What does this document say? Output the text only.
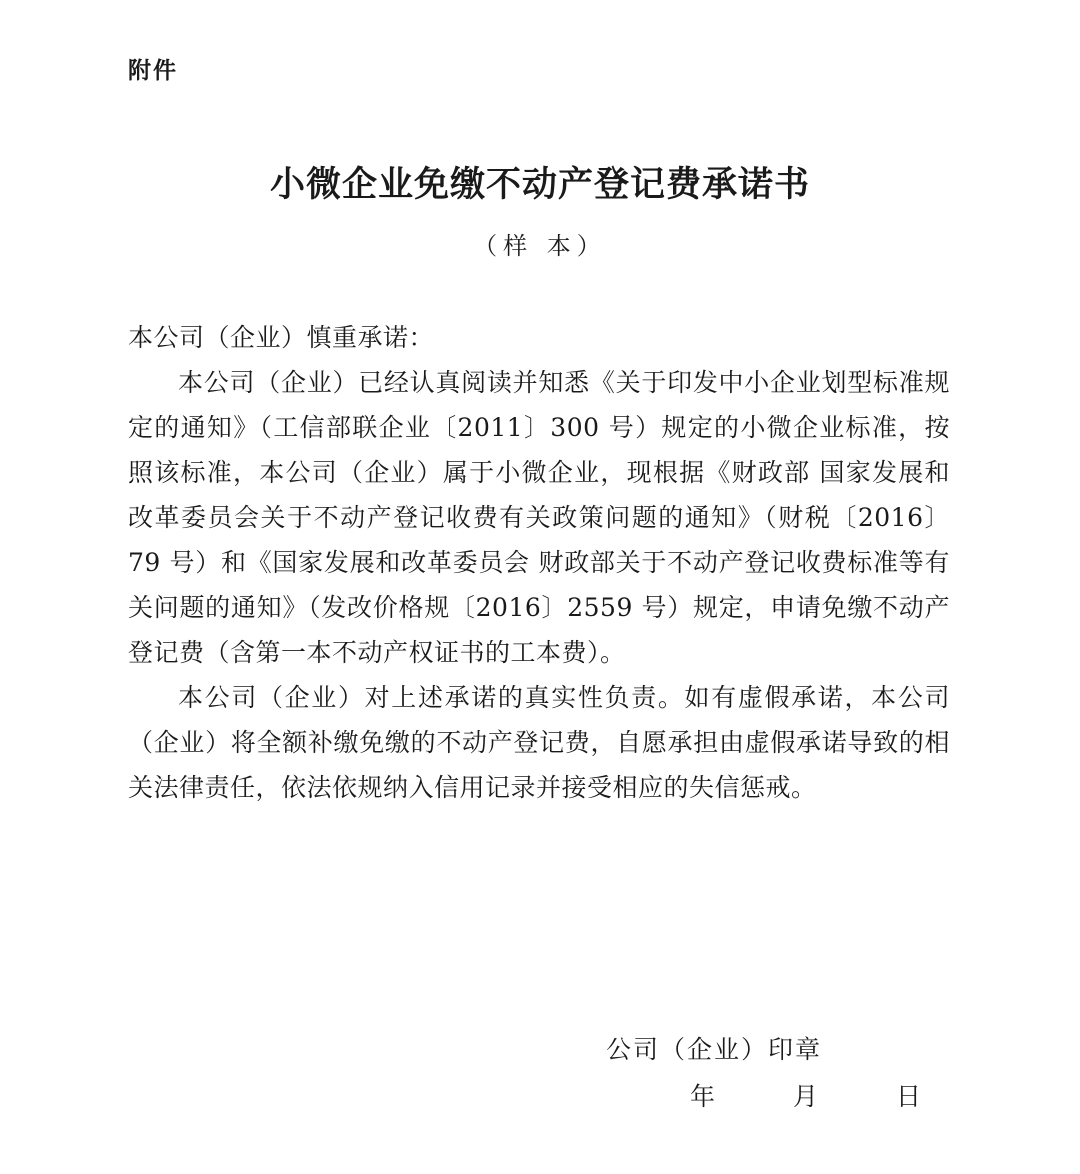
附件
小微企业免缴不动产登记费承诺书
（样 本）

本公司（企业）慎重承诺：

本公司（企业）已经认真阅读并知悉《关于印发中小企业划型标准规定的通知》（工信部联企业〔2011〕300 号）规定的小微企业标准，按照该标准，本公司（企业）属于小微企业，现根据《财政部 国家发展和改革委员会关于不动产登记收费有关政策问题的通知》（财税〔2016〕79 号）和《国家发展和改革委员会 财政部关于不动产登记收费标准等有关问题的通知》（发改价格规〔2016〕2559 号）规定，申请免缴不动产登记费（含第一本不动产权证书的工本费）。

本公司（企业）对上述承诺的真实性负责。如有虚假承诺，本公司（企业）将全额补缴免缴的不动产登记费，自愿承担由虚假承诺导致的相关法律责任，依法依规纳入信用记录并接受相应的失信惩戒。

公司（企业）印章
年	月	日
